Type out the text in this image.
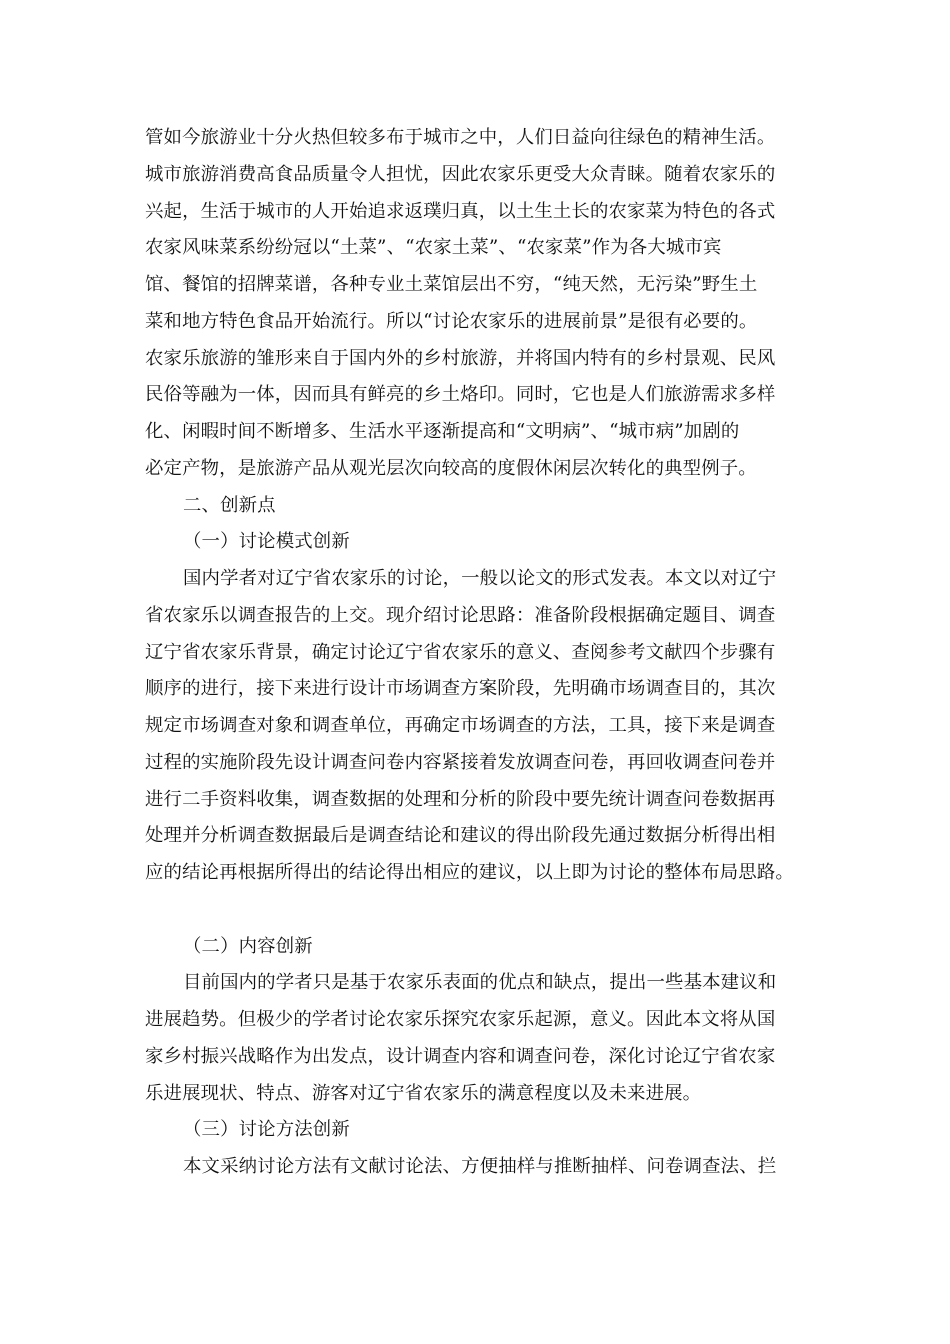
管如今旅游业十分火热但较多布于城市之中，人们日益向往绿色的精神生活。

城市旅游消费高食品质量令人担忧，因此农家乐更受大众青睐。随着农家乐的

兴起，生活于城市的人开始追求返璞归真，以土生土长的农家菜为特色的各式

农家风味菜系纷纷冠以“土菜”、“农家土菜”、“农家菜”作为各大城市宾

馆、餐馆的招牌菜谱，各种专业土菜馆层出不穷，“纯天然，无污染”野生土

菜和地方特色食品开始流行。所以“讨论农家乐的进展前景”是很有必要的。

农家乐旅游的雏形来自于国内外的乡村旅游，并将国内特有的乡村景观、民风

民俗等融为一体，因而具有鲜亮的乡土烙印。同时，它也是人们旅游需求多样

化、闲暇时间不断增多、生活水平逐渐提高和“文明病”、“城市病”加剧的

必定产物，是旅游产品从观光层次向较高的度假休闲层次转化的典型例子。

二、创新点

（一）讨论模式创新

国内学者对辽宁省农家乐的讨论，一般以论文的形式发表。本文以对辽宁

省农家乐以调查报告的上交。现介绍讨论思路：准备阶段根据确定题目、调查

辽宁省农家乐背景，确定讨论辽宁省农家乐的意义、查阅参考文献四个步骤有

顺序的进行，接下来进行设计市场调查方案阶段，先明确市场调查目的，其次

规定市场调查对象和调查单位，再确定市场调查的方法，工具，接下来是调查

过程的实施阶段先设计调查问卷内容紧接着发放调查问卷，再回收调查问卷并

进行二手资料收集，调查数据的处理和分析的阶段中要先统计调查问卷数据再

处理并分析调查数据最后是调查结论和建议的得出阶段先通过数据分析得出相

应的结论再根据所得出的结论得出相应的建议，以上即为讨论的整体布局思路。

（二）内容创新

目前国内的学者只是基于农家乐表面的优点和缺点，提出一些基本建议和

进展趋势。但极少的学者讨论农家乐探究农家乐起源，意义。因此本文将从国

家乡村振兴战略作为出发点，设计调查内容和调查问卷，深化讨论辽宁省农家

乐进展现状、特点、游客对辽宁省农家乐的满意程度以及未来进展。

（三）讨论方法创新

本文采纳讨论方法有文献讨论法、方便抽样与推断抽样、问卷调查法、拦
